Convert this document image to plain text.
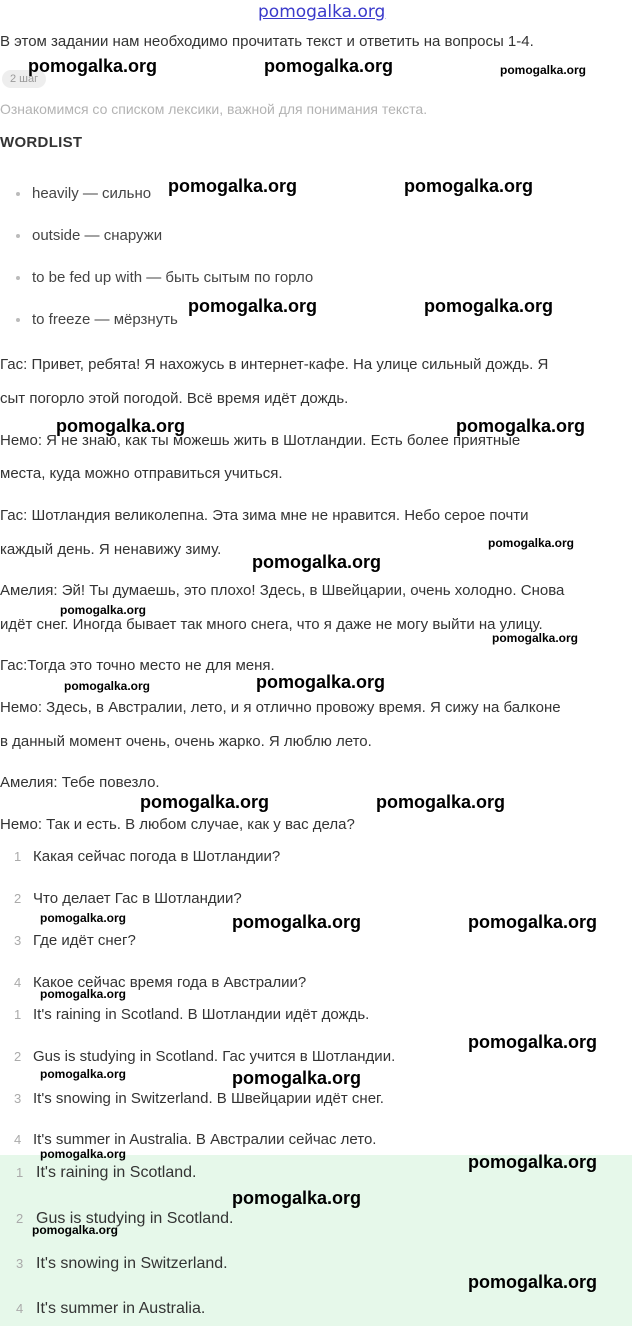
pomogalka.org
В этом задании нам необходимо прочитать текст и ответить на вопросы 1-4.
2 шаг
Ознакомимся со списком лексики, важной для понимания текста.
WORDLIST
heavily — сильно
outside — снаружи
to be fed up with — быть сытым по горло
to freeze — мёрзнуть
Гас: Привет, ребята! Я нахожусь в интернет-кафе. На улице сильный дождь. Я
сыт погорло этой погодой. Всё время идёт дождь.
Немо: Я не знаю, как ты можешь жить в Шотландии. Есть более приятные
места, куда можно отправиться учиться.
Гас: Шотландия великолепна. Эта зима мне не нравится. Небо серое почти
каждый день. Я ненавижу зиму.
Амелия: Эй! Ты думаешь, это плохо! Здесь, в Швейцарии, очень холодно. Снова
идёт снег. Иногда бывает так много снега, что я даже не могу выйти на улицу.
Гас:Тогда это точно место не для меня.
Немо: Здесь, в Австралии, лето, и я отлично провожу время. Я сижу на балконе
в данный момент очень, очень жарко. Я люблю лето.
Амелия: Тебе повезло.
Немо: Так и есть. В любом случае, как у вас дела?
1 Какая сейчас погода в Шотландии?
2 Что делает Гас в Шотландии?
3 Где идёт снег?
4 Какое сейчас время года в Австралии?
1 It's raining in Scotland. В Шотландии идёт дождь.
2 Gus is studying in Scotland. Гас учится в Шотландии.
3 It's snowing in Switzerland. В Швейцарии идёт снег.
4 It's summer in Australia. В Австралии сейчас лето.
1 It's raining in Scotland.
2 Gus is studying in Scotland.
3 It's snowing in Switzerland.
4 It's summer in Australia.
pomogalka.org	pomogalka.org	pomogalka.org
pomogalka.org	pomogalka.org
pomogalka.org	pomogalka.org
pomogalka.org	pomogalka.org
pomogalka.org
pomogalka.org
pomogalka.org
pomogalka.org
pomogalka.org	pomogalka.org
pomogalka.org	pomogalka.org
pomogalka.org	pomogalka.org	pomogalka.org
pomogalka.org
pomogalka.org
pomogalka.org	pomogalka.org
pomogalka.org	pomogalka.org
pomogalka.org
pomogalka.org
pomogalka.org
